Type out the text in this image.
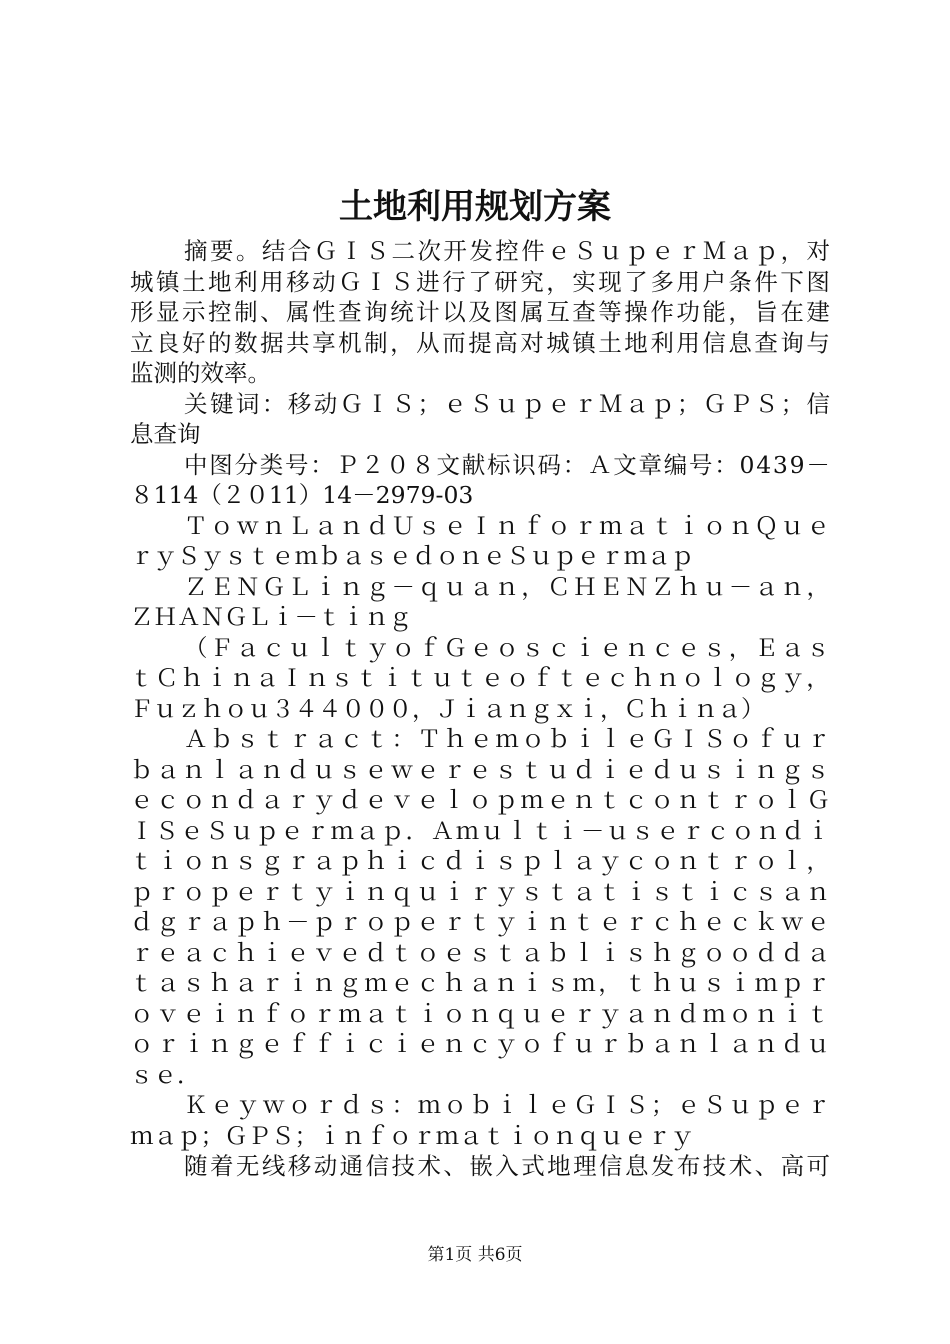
土地利用规划方案
摘 要 。 结 合 Ｇ Ｉ Ｓ 二 次 开 发 控 件 ｅ Ｓ ｕ ｐ ｅ ｒ Ｍ ａ ｐ ， 对
城 镇 土 地 利 用 移 动 Ｇ Ｉ Ｓ 进 行 了 研 究 ， 实 现 了 多 用 户 条 件 下 图
形 显 示 控 制 、 属 性 查 询 统 计 以 及 图 属 互 查 等 操 作 功 能 ， 旨 在 建
立 良 好 的 数 据 共 享 机 制 ， 从 而 提 高 对 城 镇 土 地 利 用 信 息 查 询 与
监 测 的 效 率 。
关 键 词 ： 移 动 Ｇ Ｉ Ｓ ； ｅ Ｓ ｕ ｐ ｅ ｒ Ｍ ａ ｐ ； Ｇ Ｐ Ｓ ； 信
息 查 询
中 图 分 类 号 ： Ｐ ２ ０ ８ 文 献 标 识 码 ： Ａ 文 章 编 号 ： 0 4 3 9 －
８ 1 1 4 （ ２ ０ 1 1 ） 1 4 － 2 9 7 9 - 0 3
Ｔ ｏ ｗ ｎ Ｌ ａ ｎ ｄ Ｕ ｓ ｅ Ｉ ｎ ｆ ｏ ｒ ｍ ａ ｔ ｉ ｏ ｎ Ｑ ｕ ｅ
ｒ ｙ Ｓ ｙ ｓ ｔ ｅ ｍ ｂ ａ ｓ ｅ ｄ ｏ ｎ ｅ Ｓ ｕ ｐ ｅ ｒ ｍ ａ ｐ
Ｚ Ｅ Ｎ Ｇ Ｌ ｉ ｎ ｇ － ｑ ｕ ａ ｎ ， Ｃ Ｈ Ｅ Ｎ Ｚ ｈ ｕ － ａ ｎ ，
Ｚ Ｈ Ａ Ｎ Ｇ Ｌ ｉ － ｔ ｉ ｎ ｇ
（ Ｆ ａ ｃ ｕ ｌ ｔ ｙ ｏ ｆ Ｇ ｅ ｏ ｓ ｃ ｉ ｅ ｎ ｃ ｅ ｓ ， Ｅ ａ ｓ
ｔ Ｃ ｈ ｉ ｎ ａ Ｉ ｎ ｓ ｔ ｉ ｔ ｕ ｔ ｅ ｏ ｆ ｔ ｅ ｃ ｈ ｎ ｏ ｌ ｏ ｇ ｙ ，
Ｆ ｕ ｚ ｈ ｏ ｕ ３ ４ ４ ０ ０ ０ ， Ｊ ｉ ａ ｎ ｇ ｘ ｉ ， Ｃ ｈ ｉ ｎ ａ ）
Ａ ｂ ｓ ｔ ｒ ａ ｃ ｔ ： Ｔ ｈ ｅ ｍ ｏ ｂ ｉ ｌ ｅ Ｇ Ｉ Ｓ ｏ ｆ ｕ ｒ
ｂ ａ ｎ ｌ ａ ｎ ｄ ｕ ｓ ｅ ｗ ｅ ｒ ｅ ｓ ｔ ｕ ｄ ｉ ｅ ｄ ｕ ｓ ｉ ｎ ｇ ｓ
ｅ ｃ ｏ ｎ ｄ ａ ｒ ｙ ｄ ｅ ｖ ｅ ｌ ｏ ｐ ｍ ｅ ｎ ｔ ｃ ｏ ｎ ｔ ｒ ｏ ｌ Ｇ
Ｉ Ｓ ｅ Ｓ ｕ ｐ ｅ ｒ ｍ ａ ｐ ． Ａ ｍ ｕ ｌ ｔ ｉ － ｕ ｓ ｅ ｒ ｃ ｏ ｎ ｄ ｉ
ｔ ｉ ｏ ｎ ｓ ｇ ｒ ａ ｐ ｈ ｉ ｃ ｄ ｉ ｓ ｐ ｌ ａ ｙ ｃ ｏ ｎ ｔ ｒ ｏ ｌ ，
ｐ ｒ ｏ ｐ ｅ ｒ ｔ ｙ ｉ ｎ ｑ ｕ ｉ ｒ ｙ ｓ ｔ ａ ｔ ｉ ｓ ｔ ｉ ｃ ｓ ａ ｎ
ｄ ｇ ｒ ａ ｐ ｈ － ｐ ｒ ｏ ｐ ｅ ｒ ｔ ｙ ｉ ｎ ｔ ｅ ｒ ｃ ｈ ｅ ｃ ｋ ｗ ｅ
ｒ ｅ ａ ｃ ｈ ｉ ｅ ｖ ｅ ｄ ｔ ｏ ｅ ｓ ｔ ａ ｂ ｌ ｉ ｓ ｈ ｇ ｏ ｏ ｄ ｄ ａ
ｔ ａ ｓ ｈ ａ ｒ ｉ ｎ ｇ ｍ ｅ ｃ ｈ ａ ｎ ｉ ｓ ｍ ， ｔ ｈ ｕ ｓ ｉ ｍ ｐ ｒ
ｏ ｖ ｅ ｉ ｎ ｆ ｏ ｒ ｍ ａ ｔ ｉ ｏ ｎ ｑ ｕ ｅ ｒ ｙ ａ ｎ ｄ ｍ ｏ ｎ ｉ ｔ
ｏ ｒ ｉ ｎ ｇ ｅ ｆ ｆ ｉ ｃ ｉ ｅ ｎ ｃ ｙ ｏ ｆ ｕ ｒ ｂ ａ ｎ ｌ ａ ｎ ｄ ｕ
ｓ ｅ ．
Ｋ ｅ ｙ ｗ ｏ ｒ ｄ ｓ ： ｍ ｏ ｂ ｉ ｌ ｅ Ｇ Ｉ Ｓ ； ｅ Ｓ ｕ ｐ ｅ ｒ
ｍ ａ ｐ ； Ｇ Ｐ Ｓ ； ｉ ｎ ｆ ｏ ｒ ｍ ａ ｔ ｉ ｏ ｎ ｑ ｕ ｅ ｒ ｙ
随 着 无 线 移 动 通 信 技 术 、 嵌 入 式 地 理 信 息 发 布 技 术 、 高 可
第1页 共6页
